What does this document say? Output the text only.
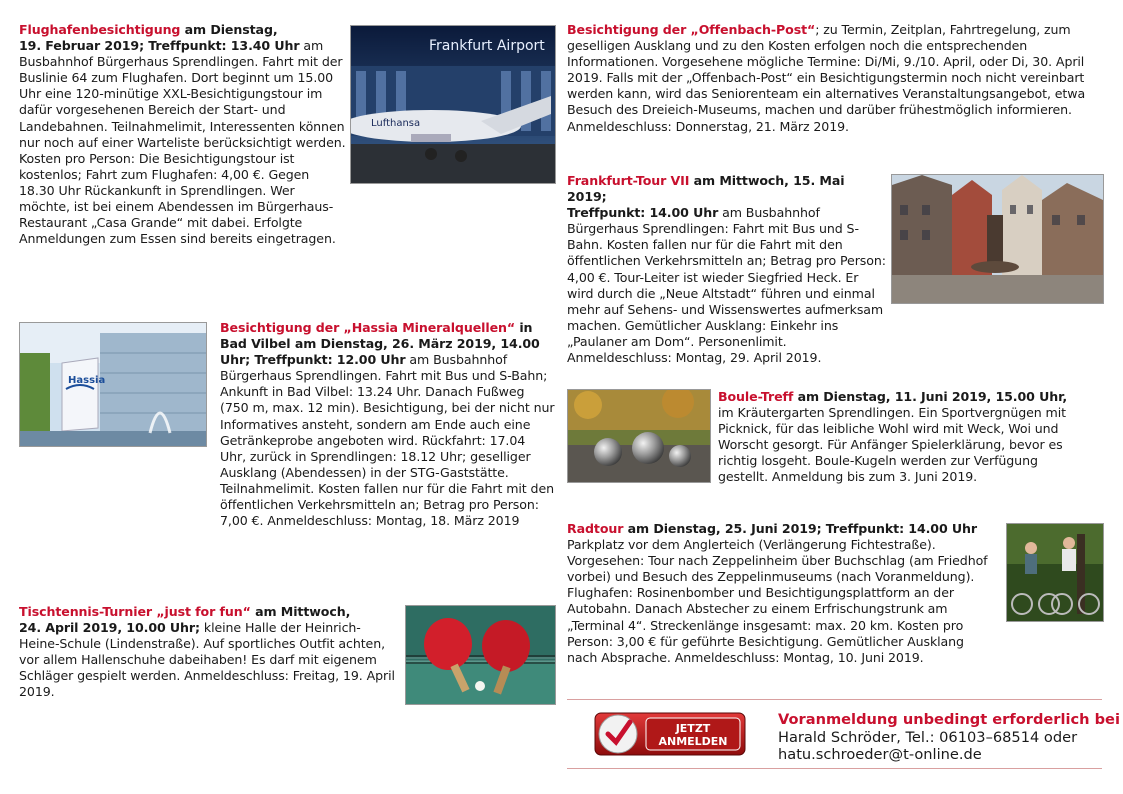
Flughafenbesichtigung am Dienstag,

19. Februar 2019; Treffpunkt: 13.40 Uhr am

Busbahnhof Bürgerhaus Sprendlingen. Fahrt mit der Buslinie 64 zum Flughafen. Dort beginnt um 15.00 Uhr eine 120-minütige XXL-Besichtigungstour im dafür vorgesehenen Bereich der Start- und Landebahnen. Teilnahmelimit, Interessenten können nur noch auf einer Warteliste berücksichtigt werden. Kosten pro Person: Die Besichtigungstour ist kostenlos; Fahrt zum Flughafen: 4,00 €. Gegen 18.30 Uhr Rückankunft in Sprendlingen. Wer möchte, ist bei einem Abendessen im Bürgerhaus-Restaurant „Casa Grande“ mit dabei. Erfolgte Anmeldungen zum Essen sind bereits eingetragen.

Frankfurt Airport
Lufthansa
Hassia

Besichtigung der „Hassia Mineralquellen“ in

Bad Vilbel am Dienstag, 26. März 2019, 14.00 Uhr; Treffpunkt: 12.00 Uhr am Busbahnhof Bürgerhaus Sprendlingen. Fahrt mit Bus und S-Bahn; Ankunft in Bad Vilbel: 13.24 Uhr. Danach Fußweg (750 m, max. 12 min). Besichtigung, bei der nicht nur Informatives ansteht, sondern am Ende auch eine Getränkeprobe angeboten wird. Rückfahrt: 17.04 Uhr, zurück in Sprendlingen: 18.12 Uhr; geselliger Ausklang (Abendessen) in der STG-Gaststätte. Teilnahmelimit. Kosten fallen nur für die Fahrt mit den öffentlichen Verkehrsmitteln an; Betrag pro Person: 7,00 €. Anmeldeschluss: Montag, 18. März 2019

Tischtennis-Turnier „just for fun“ am Mittwoch,

24. April 2019, 10.00 Uhr; kleine Halle der Heinrich-Heine-Schule (Lindenstraße). Auf sportliches Outfit achten, vor allem Hallenschuhe dabeihaben! Es darf mit eigenem Schläger gespielt werden. Anmeldeschluss: Freitag, 19. April 2019.

Besichtigung der „Offenbach-Post“; zu Termin, Zeitplan, Fahrtregelung, zum geselligen Ausklang und zu den Kosten erfolgen noch die entsprechenden Informationen. Vorgesehene mögliche Termine: Di/Mi, 9./10. April, oder Di, 30. April 2019. Falls mit der „Offenbach-Post“ ein Besichtigungstermin noch nicht vereinbart werden kann, wird das Seniorenteam ein alternatives Veranstaltungsangebot, etwa Besuch des Dreieich-Museums, machen und darüber frühestmöglich informieren. Anmeldeschluss: Donnerstag, 21. März 2019.

Frankfurt-Tour VII am Mittwoch, 15. Mai 2019;

Treffpunkt: 14.00 Uhr am Busbahnhof Bürgerhaus Sprendlingen: Fahrt mit Bus und S-Bahn. Kosten fallen nur für die Fahrt mit den öffentlichen Verkehrsmitteln an; Betrag pro Person: 4,00 €. Tour-Leiter ist wieder Siegfried Heck. Er wird durch die „Neue Altstadt“ führen und einmal mehr auf Sehens- und Wissenswertes aufmerksam machen. Gemütlicher Ausklang: Einkehr ins „Paulaner am Dom“. Personenlimit. Anmeldeschluss: Montag, 29. April 2019.

Boule-Treff am Dienstag, 11. Juni 2019, 15.00 Uhr,

im Kräutergarten Sprendlingen. Ein Sportvergnügen mit Picknick, für das leibliche Wohl wird mit Weck, Woi und Worscht gesorgt. Für Anfänger Spielerklärung, bevor es richtig losgeht. Boule-Kugeln werden zur Verfügung gestellt. Anmeldung bis zum 3. Juni 2019.

Radtour am Dienstag, 25. Juni 2019; Treffpunkt: 14.00 Uhr

Parkplatz vor dem Anglerteich (Verlängerung Fichtestraße). Vorgesehen: Tour nach Zeppelinheim über Buchschlag (am Friedhof vorbei) und Besuch des Zeppelinmuseums (nach Voranmeldung). Flughafen: Rosinenbomber und Besichtigungsplattform an der Autobahn. Danach Abstecher zu einem Erfrischungstrunk am „Terminal 4“. Streckenlänge insgesamt: max. 20 km. Kosten pro Person: 3,00 € für geführte Besichtigung. Gemütlicher Ausklang nach Absprache. Anmeldeschluss: Montag, 10. Juni 2019.

JETZT
ANMELDEN

Voranmeldung unbedingt erforderlich bei

Harald Schröder, Tel.: 06103–68514 oder

hatu.schroeder@t-online.de
